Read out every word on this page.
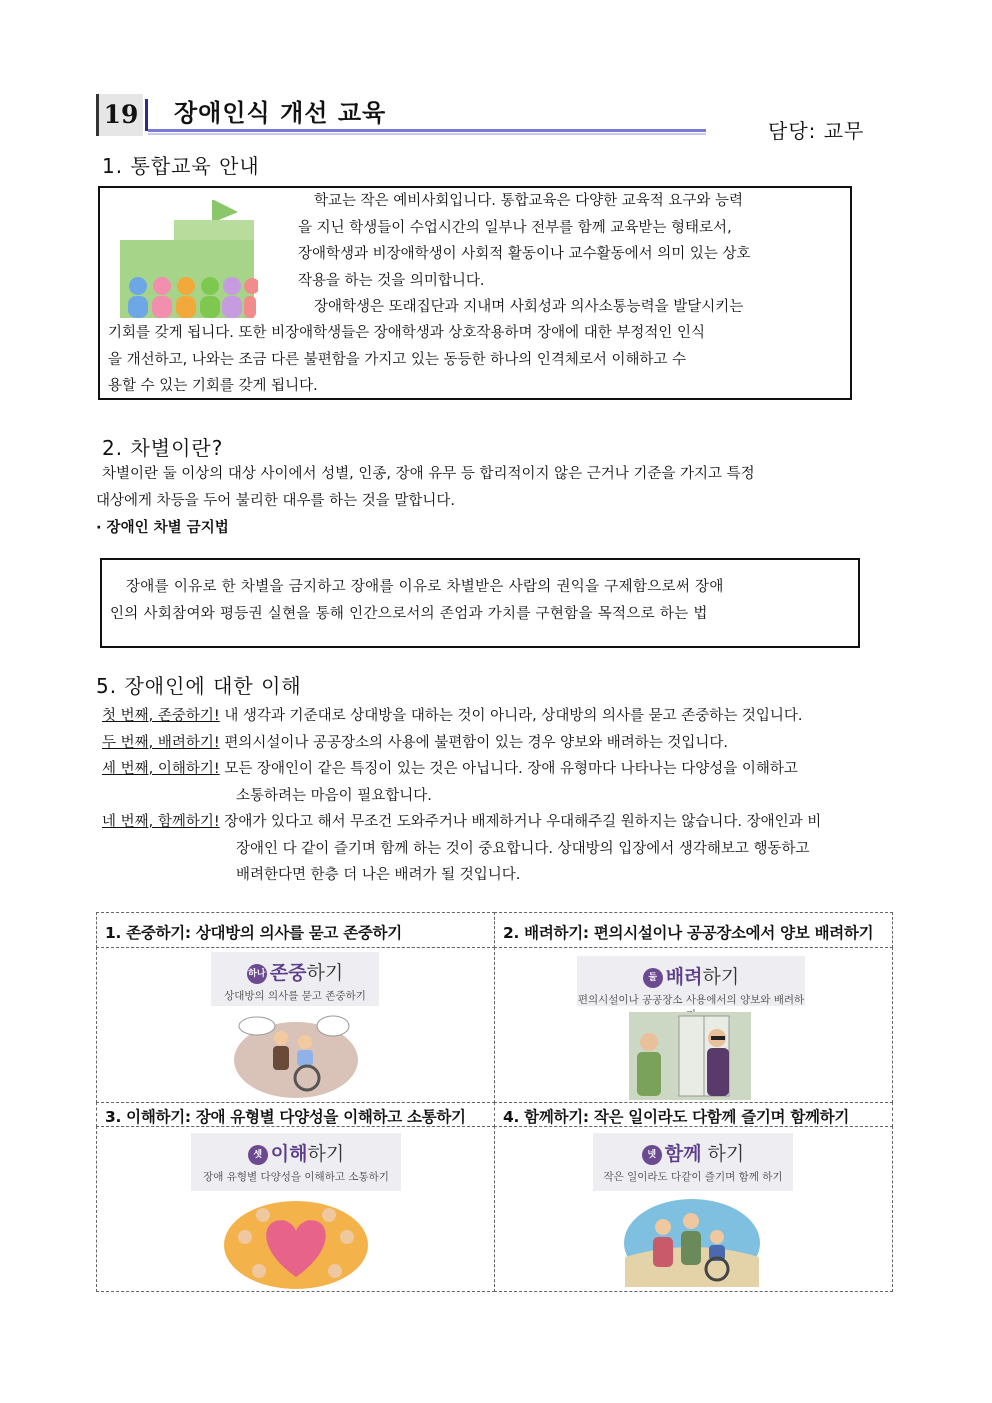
19 장애인식 개선 교육
담당: 교무
1. 통합교육 안내

학교는 작은 예비사회입니다. 통합교육은 다양한 교육적 요구와 능력

을 지닌 학생들이 수업시간의 일부나 전부를 함께 교육받는 형태로서,

장애학생과 비장애학생이 사회적 활동이나 교수활동에서 의미 있는 상호

작용을 하는 것을 의미합니다.

장애학생은 또래집단과 지내며 사회성과 의사소통능력을 발달시키는

기회를 갖게 됩니다. 또한 비장애학생들은 장애학생과 상호작용하며 장애에 대한 부정적인 인식

을 개선하고, 나와는 조금 다른 불편함을 가지고 있는 동등한 하나의 인격체로서 이해하고 수

용할 수 있는 기회를 갖게 됩니다.

2. 차별이란?
차별이란 둘 이상의 대상 사이에서 성별, 인종, 장애 유무 등 합리적이지 않은 근거나 기준을 가지고 특정
대상에게 차등을 두어 불리한 대우를 하는 것을 말합니다.
· 장애인 차별 금지법

장애를 이유로 한 차별을 금지하고 장애를 이유로 차별받은 사람의 권익을 구제함으로써 장애

인의 사회참여와 평등권 실현을 통해 인간으로서의 존엄과 가치를 구현함을 목적으로 하는 법

5. 장애인에 대한 이해
첫 번째, 존중하기! 내 생각과 기준대로 상대방을 대하는 것이 아니라, 상대방의 의사를 묻고 존중하는 것입니다.
두 번째, 배려하기! 편의시설이나 공공장소의 사용에 불편함이 있는 경우 양보와 배려하는 것입니다.
세 번째, 이해하기! 모든 장애인이 같은 특징이 있는 것은 아닙니다. 장애 유형마다 나타나는 다양성을 이해하고
소통하려는 마음이 필요합니다.
네 번째, 함께하기! 장애가 있다고 해서 무조건 도와주거나 배제하거나 우대해주길 원하지는 않습니다. 장애인과 비
장애인 다 같이 즐기며 함께 하는 것이 중요합니다. 상대방의 입장에서 생각해보고 행동하고
배려한다면 한층 더 나은 배려가 될 것입니다.
1. 존중하기: 상대방의 의사를 묻고 존중하기	2. 배려하기: 편의시설이나 공공장소에서 양보 배려하기
하나 존중하기
상대방의 의사를 묻고 존중하기
둘 배려하기
편의시설이나 공공장소 사용에서의 양보와 배려하
3. 이해하기: 장애 유형별 다양성을 이해하고 소통하기 4. 함께하기: 작은 일이라도 다함께 즐기며 함께하기
셋 이해하기
장애 유형별 다양성을 이해하고 소통하기
넷 함께 하기
작은 일이라도 다같이 즐기며 함께 하기
